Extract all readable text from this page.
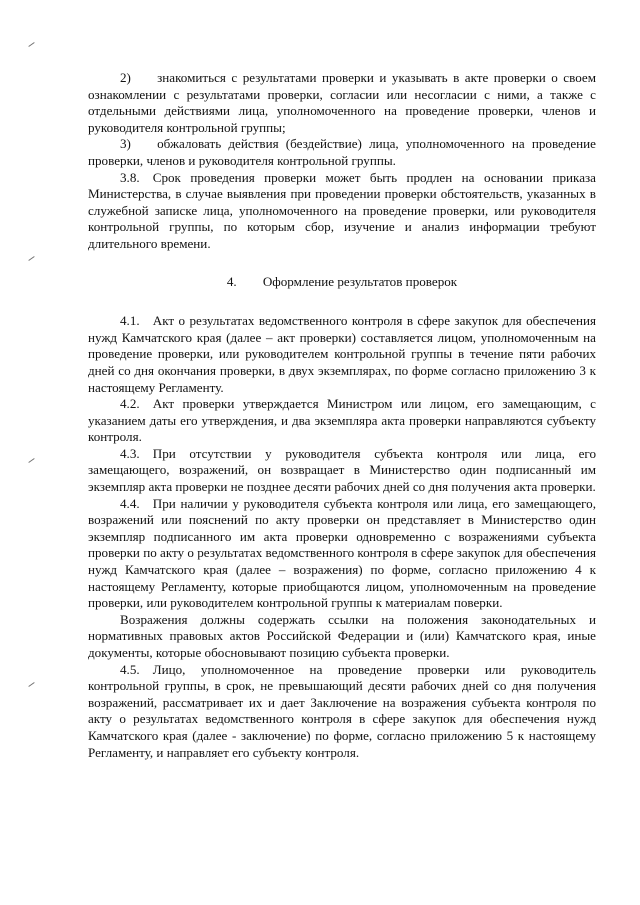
2)  знакомиться с результатами проверки и указывать в акте проверки о своем ознакомлении с результатами проверки, согласии или несогласии с ними, а также с отдельными действиями лица, уполномоченного на проведение проверки, членов и руководителя контрольной группы;

3)  обжаловать действия (бездействие) лица, уполномоченного на проведение проверки, членов и руководителя контрольной группы.

3.8. Срок проведения проверки может быть продлен на основании приказа Министерства, в случае выявления при проведении проверки обстоятельств, указанных в служебной записке лица, уполномоченного на проведение проверки, или руководителя контрольной группы, по которым сбор, изучение и анализ информации требуют длительного времени.

4.  Оформление результатов проверок

4.1. Акт о результатах ведомственного контроля в сфере закупок для обеспечения нужд Камчатского края (далее – акт проверки) составляется лицом, уполномоченным на проведение проверки, или руководителем контрольной группы в течение пяти рабочих дней со дня окончания проверки, в двух экземплярах, по форме согласно приложению 3 к настоящему Регламенту.

4.2. Акт проверки утверждается Министром или лицом, его замещающим, с указанием даты его утверждения, и два экземпляра акта проверки направляются субъекту контроля.

4.3. При отсутствии у руководителя субъекта контроля или лица, его замещающего, возражений, он возвращает в Министерство один подписанный им экземпляр акта проверки не позднее десяти рабочих дней со дня получения акта проверки.

4.4. При наличии у руководителя субъекта контроля или лица, его замещающего, возражений или пояснений по акту проверки он представляет в Министерство один экземпляр подписанного им акта проверки одновременно с возражениями субъекта проверки по акту о результатах ведомственного контроля в сфере закупок для обеспечения нужд Камчатского края (далее – возражения) по форме, согласно приложению 4 к настоящему Регламенту, которые приобщаются лицом, уполномоченным на проведение проверки, или руководителем контрольной группы к материалам поверки.

Возражения должны содержать ссылки на положения законодательных и нормативных правовых актов Российской Федерации и (или) Камчатского края, иные документы, которые обосновывают позицию субъекта проверки.

4.5. Лицо, уполномоченное на проведение проверки или руководитель контрольной группы, в срок, не превышающий десяти рабочих дней со дня получения возражений, рассматривает их и дает Заключение на возражения субъекта контроля по акту о результатах ведомственного контроля в сфере закупок для обеспечения нужд Камчатского края (далее - заключение) по форме, согласно приложению 5 к настоящему Регламенту, и направляет его субъекту контроля.
